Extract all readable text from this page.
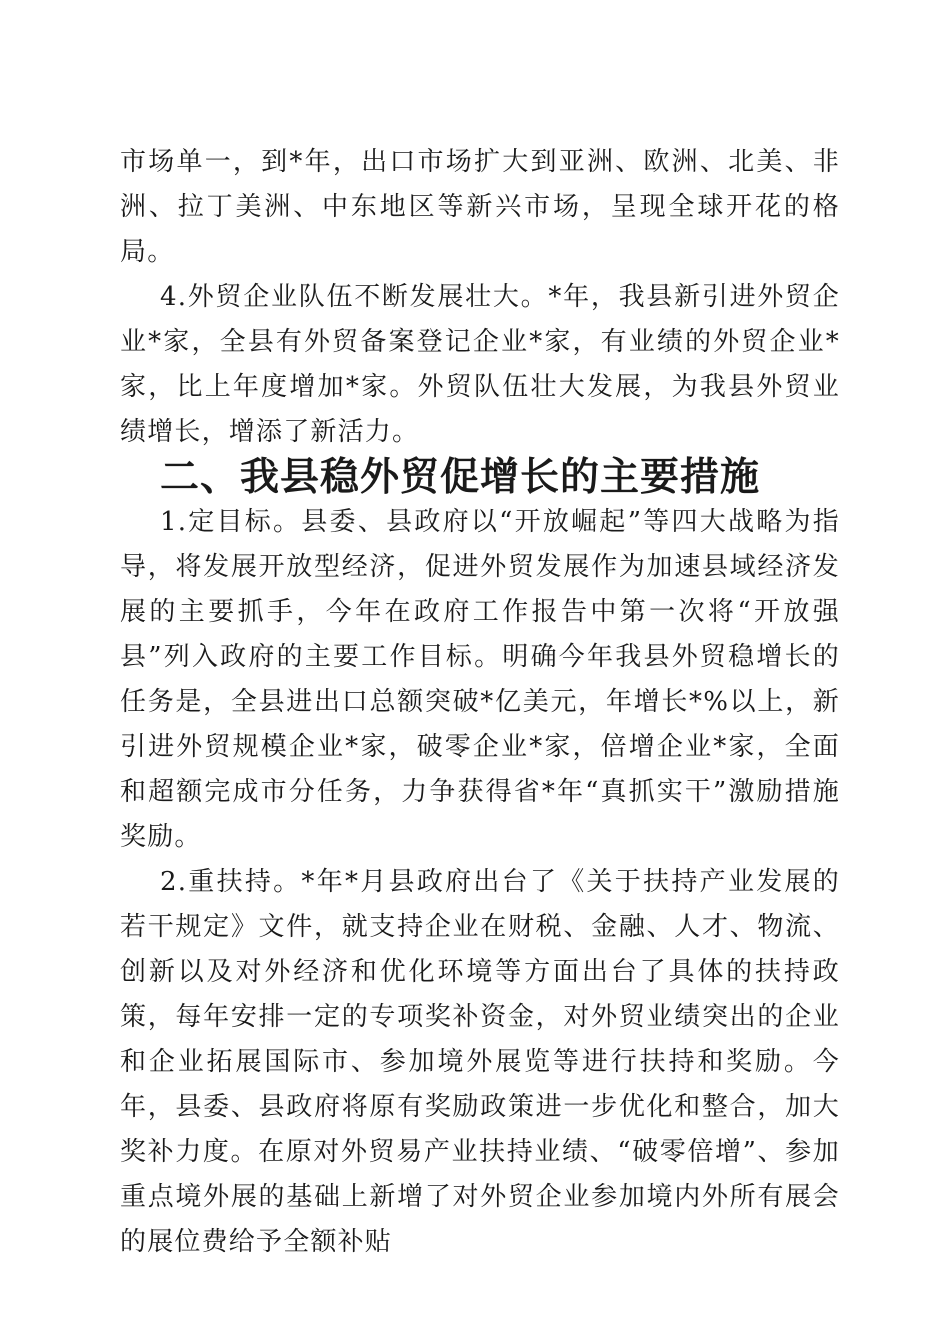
市场单一，到*年，出口市场扩大到亚洲、欧洲、北美、非洲、拉丁美洲、中东地区等新兴市场，呈现全球开花的格局。

4.外贸企业队伍不断发展壮大。*年，我县新引进外贸企业*家，全县有外贸备案登记企业*家，有业绩的外贸企业*家，比上年度增加*家。外贸队伍壮大发展，为我县外贸业绩增长，增添了新活力。

二、我县稳外贸促增长的主要措施

1.定目标。县委、县政府以“开放崛起”等四大战略为指导，将发展开放型经济，促进外贸发展作为加速县域经济发展的主要抓手，今年在政府工作报告中第一次将“开放强县”列入政府的主要工作目标。明确今年我县外贸稳增长的任务是，全县进出口总额突破*亿美元，年增长*%以上，新引进外贸规模企业*家，破零企业*家，倍增企业*家，全面和超额完成市分任务，力争获得省*年“真抓实干”激励措施奖励。

2.重扶持。*年*月县政府出台了《关于扶持产业发展的若干规定》文件，就支持企业在财税、金融、人才、物流、创新以及对外经济和优化环境等方面出台了具体的扶持政策，每年安排一定的专项奖补资金，对外贸业绩突出的企业和企业拓展国际市、参加境外展览等进行扶持和奖励。今年，县委、县政府将原有奖励政策进一步优化和整合，加大奖补力度。在原对外贸易产业扶持业绩、“破零倍增”、参加重点境外展的基础上新增了对外贸企业参加境内外所有展会的展位费给予全额补贴
